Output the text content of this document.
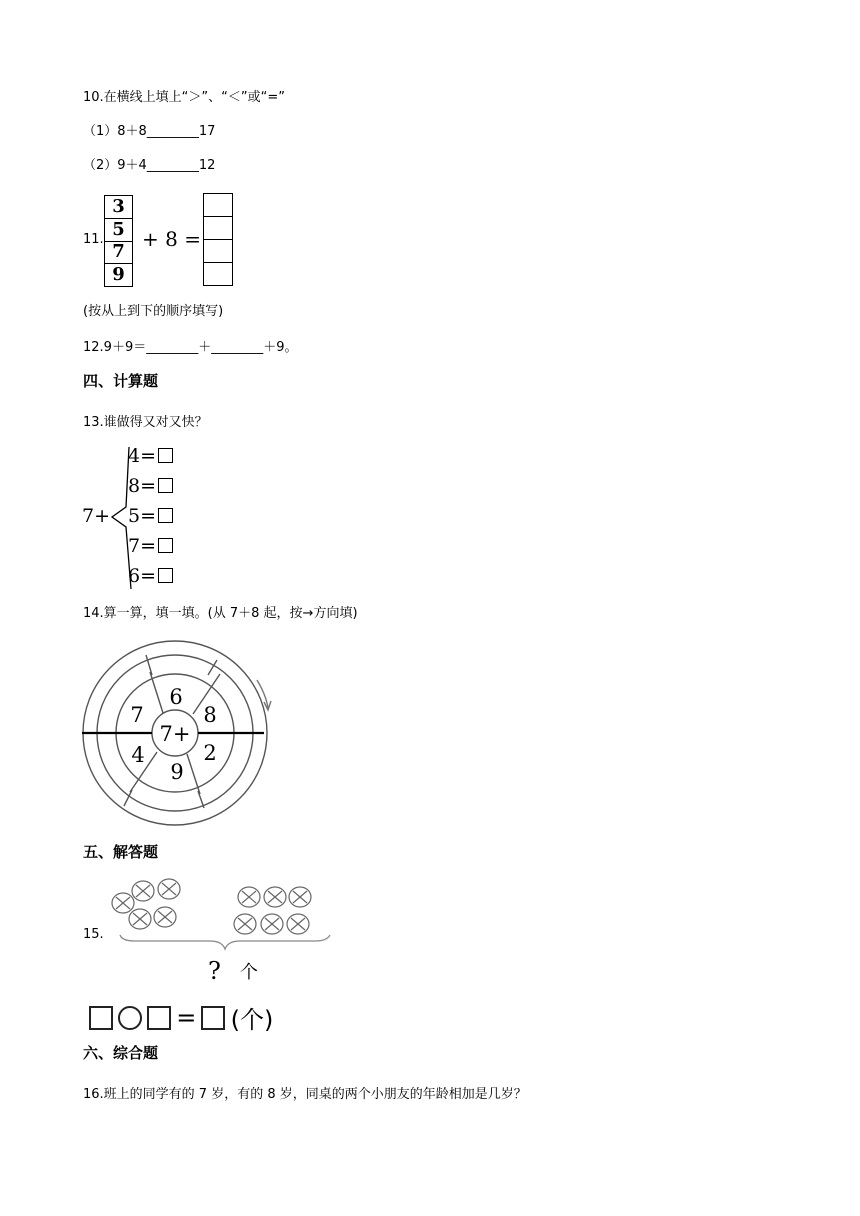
10.在横线上填上“＞”、“＜”或“=”
（1）8＋8________17
（2）9＋4________12
11.
3
5
7
9
+ 8 =
(按从上到下的顺序填写)
12.9＋9＝________＋________＋9。
四、计算题
13.谁做得又对又快？
7+
4=
8=
5=
7=
6=
14.算一算，填一填。(从 7＋8 起，按→方向填)
7+
6
8
2
9
4
7
五、解答题
15.
? 个
= (个)
六、综合题
16.班上的同学有的 7 岁，有的 8 岁，同桌的两个小朋友的年龄相加是几岁？
